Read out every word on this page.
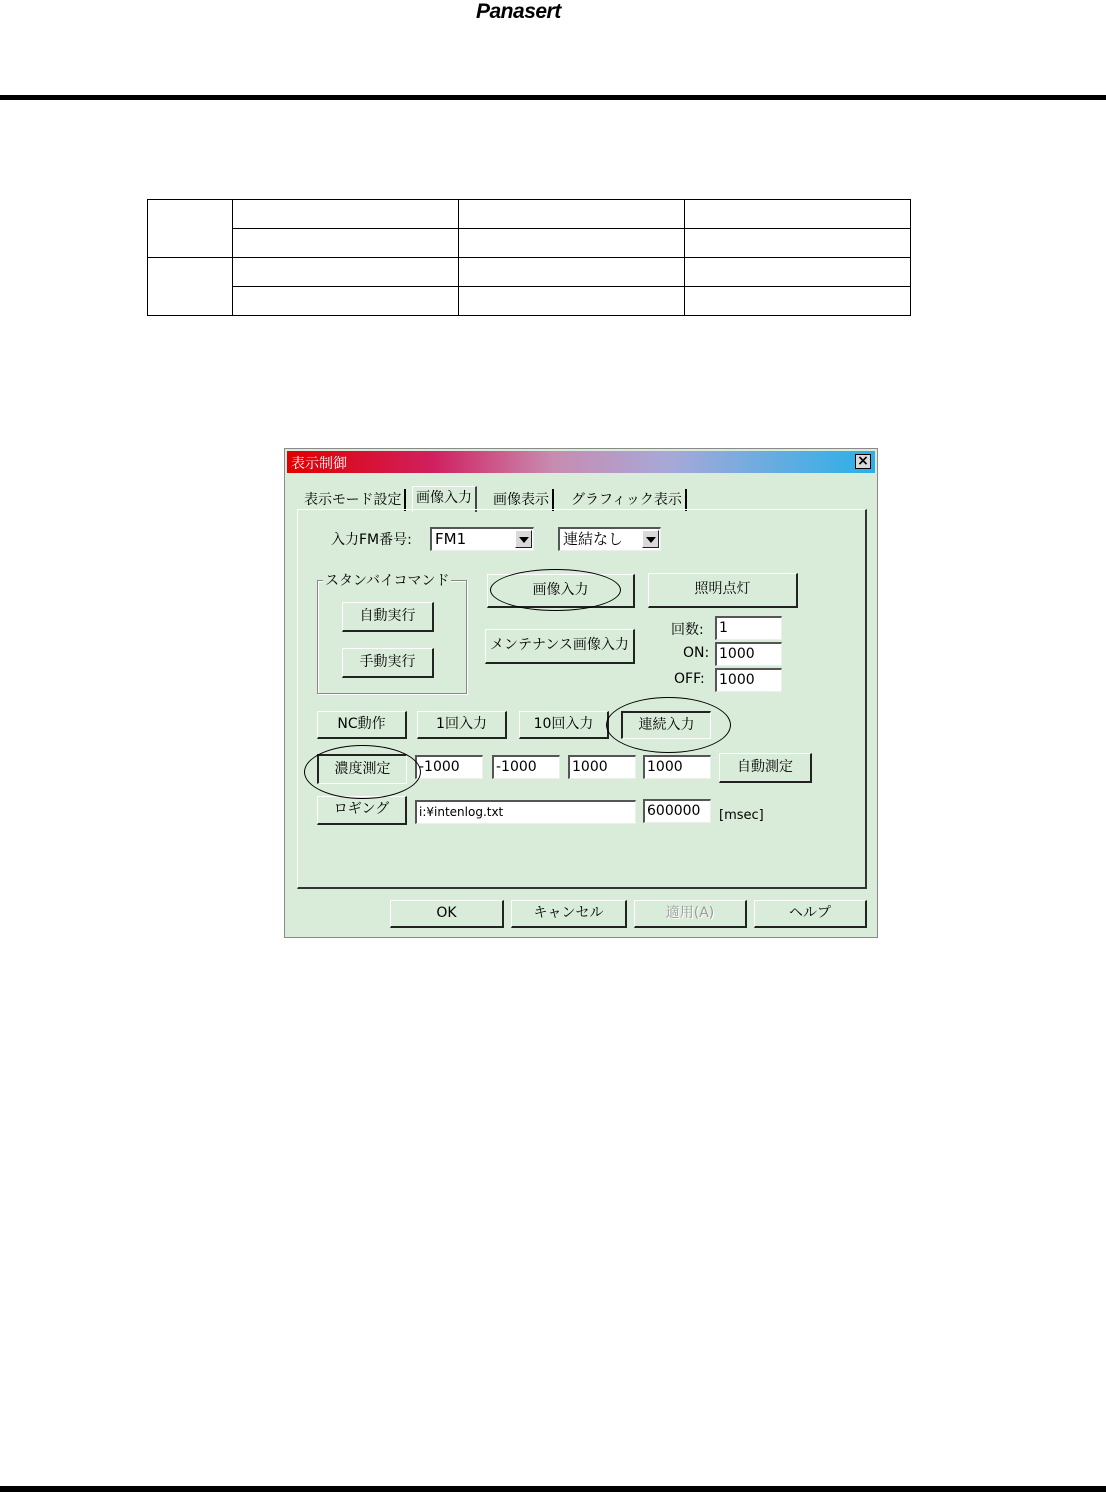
Panasert

表示制御	×
表示モード設定	画像入力	画像表示	グラフィック表示
入力FM番号:	FM1	連結なし
スタンバイコマンド
自動実行
手動実行
画像入力	照明点灯
メンテナンス画像入力
回数: 1
ON: 1000
OFF: 1000
NC動作	1回入力	10回入力	連続入力
濃度測定	-1000	-1000	1000	1000	自動測定
ロギング	i:¥intenlog.txt	600000	[msec]
OK	キャンセル	適用(A)	ヘルプ
